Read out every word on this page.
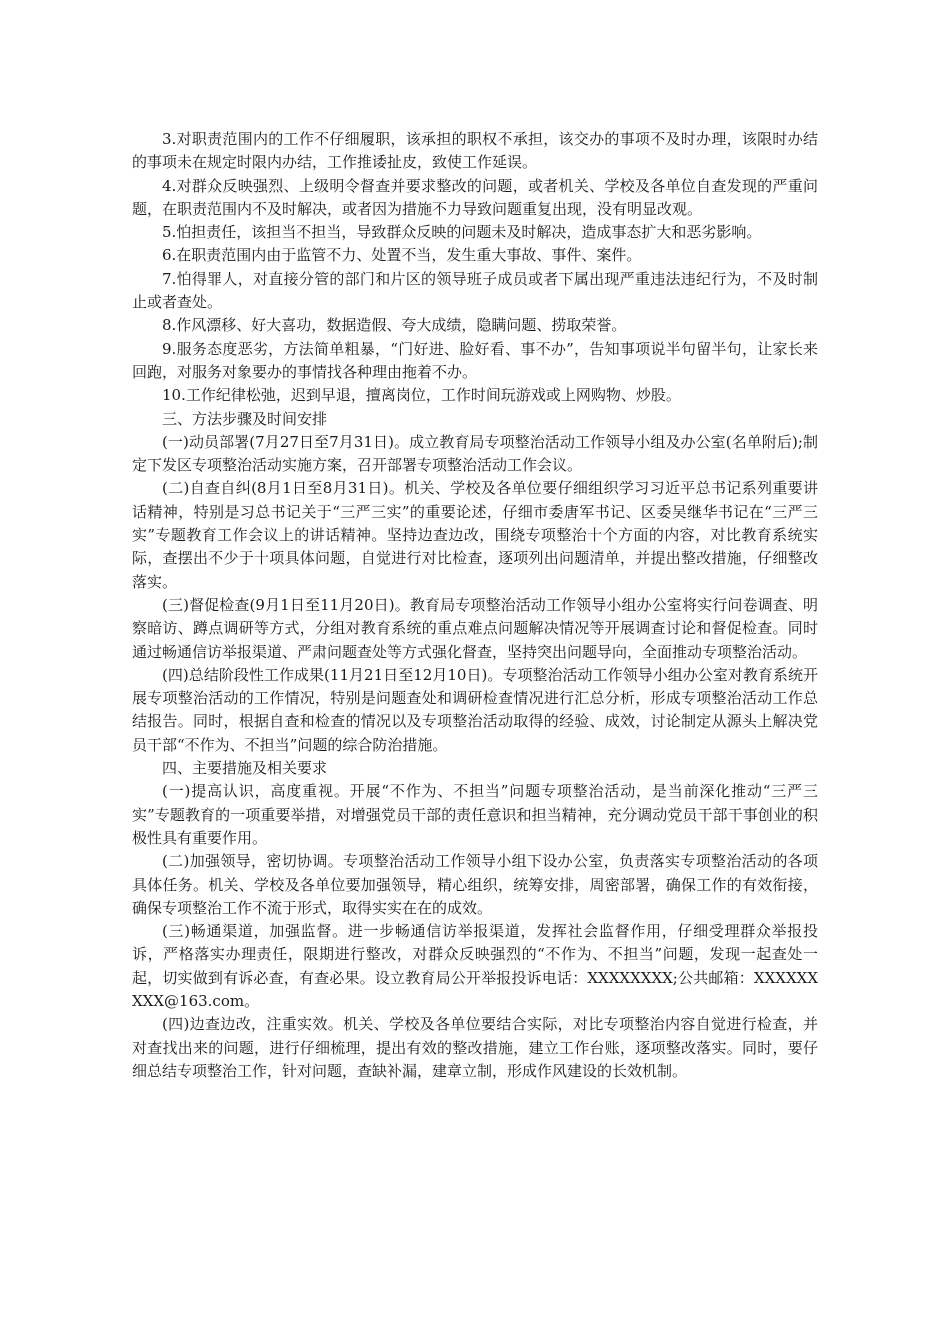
3.对职责范围内的工作不仔细履职，该承担的职权不承担，该交办的事项不及时办理，该限时办结的事项未在规定时限内办结，工作推诿扯皮，致使工作延误。

4.对群众反映强烈、上级明令督查并要求整改的问题，或者机关、学校及各单位自查发现的严重问题，在职责范围内不及时解决，或者因为措施不力导致问题重复出现，没有明显改观。

5.怕担责任，该担当不担当，导致群众反映的问题未及时解决，造成事态扩大和恶劣影响。

6.在职责范围内由于监管不力、处置不当，发生重大事故、事件、案件。

7.怕得罪人，对直接分管的部门和片区的领导班子成员或者下属出现严重违法违纪行为，不及时制止或者查处。

8.作风漂移、好大喜功，数据造假、夸大成绩，隐瞒问题、捞取荣誉。

9.服务态度恶劣，方法简单粗暴，“门好进、脸好看、事不办”，告知事项说半句留半句，让家长来回跑，对服务对象要办的事情找各种理由拖着不办。

10.工作纪律松弛，迟到早退，擅离岗位，工作时间玩游戏或上网购物、炒股。

三、方法步骤及时间安排

(一)动员部署(7月27日至7月31日)。成立教育局专项整治活动工作领导小组及办公室(名单附后);制定下发区专项整治活动实施方案，召开部署专项整治活动工作会议。

(二)自查自纠(8月1日至8月31日)。机关、学校及各单位要仔细组织学习习近平总书记系列重要讲话精神，特别是习总书记关于“三严三实”的重要论述，仔细市委唐军书记、区委吴继华书记在“三严三实”专题教育工作会议上的讲话精神。坚持边查边改，围绕专项整治十个方面的内容，对比教育系统实际，查摆出不少于十项具体问题，自觉进行对比检查，逐项列出问题清单，并提出整改措施，仔细整改落实。

(三)督促检查(9月1日至11月20日)。教育局专项整治活动工作领导小组办公室将实行问卷调查、明察暗访、蹲点调研等方式，分组对教育系统的重点难点问题解决情况等开展调查讨论和督促检查。同时通过畅通信访举报渠道、严肃问题查处等方式强化督查，坚持突出问题导向，全面推动专项整治活动。

(四)总结阶段性工作成果(11月21日至12月10日)。专项整治活动工作领导小组办公室对教育系统开展专项整治活动的工作情况，特别是问题查处和调研检查情况进行汇总分析，形成专项整治活动工作总结报告。同时，根据自查和检查的情况以及专项整治活动取得的经验、成效，讨论制定从源头上解决党员干部“不作为、不担当”问题的综合防治措施。

四、主要措施及相关要求

(一)提高认识，高度重视。开展“不作为、不担当”问题专项整治活动，是当前深化推动“三严三实”专题教育的一项重要举措，对增强党员干部的责任意识和担当精神，充分调动党员干部干事创业的积极性具有重要作用。

(二)加强领导，密切协调。专项整治活动工作领导小组下设办公室，负责落实专项整治活动的各项具体任务。机关、学校及各单位要加强领导，精心组织，统筹安排，周密部署，确保工作的有效衔接，确保专项整治工作不流于形式，取得实实在在的成效。

(三)畅通渠道，加强监督。进一步畅通信访举报渠道，发挥社会监督作用，仔细受理群众举报投诉，严格落实办理责任，限期进行整改，对群众反映强烈的“不作为、不担当”问题，发现一起查处一起，切实做到有诉必查，有查必果。设立教育局公开举报投诉电话：XXXXXXXX;公共邮箱：XXXXXXXXX@163.com。

(四)边查边改，注重实效。机关、学校及各单位要结合实际，对比专项整治内容自觉进行检查，并对查找出来的问题，进行仔细梳理，提出有效的整改措施，建立工作台账，逐项整改落实。同时，要仔细总结专项整治工作，针对问题，查缺补漏，建章立制，形成作风建设的长效机制。
